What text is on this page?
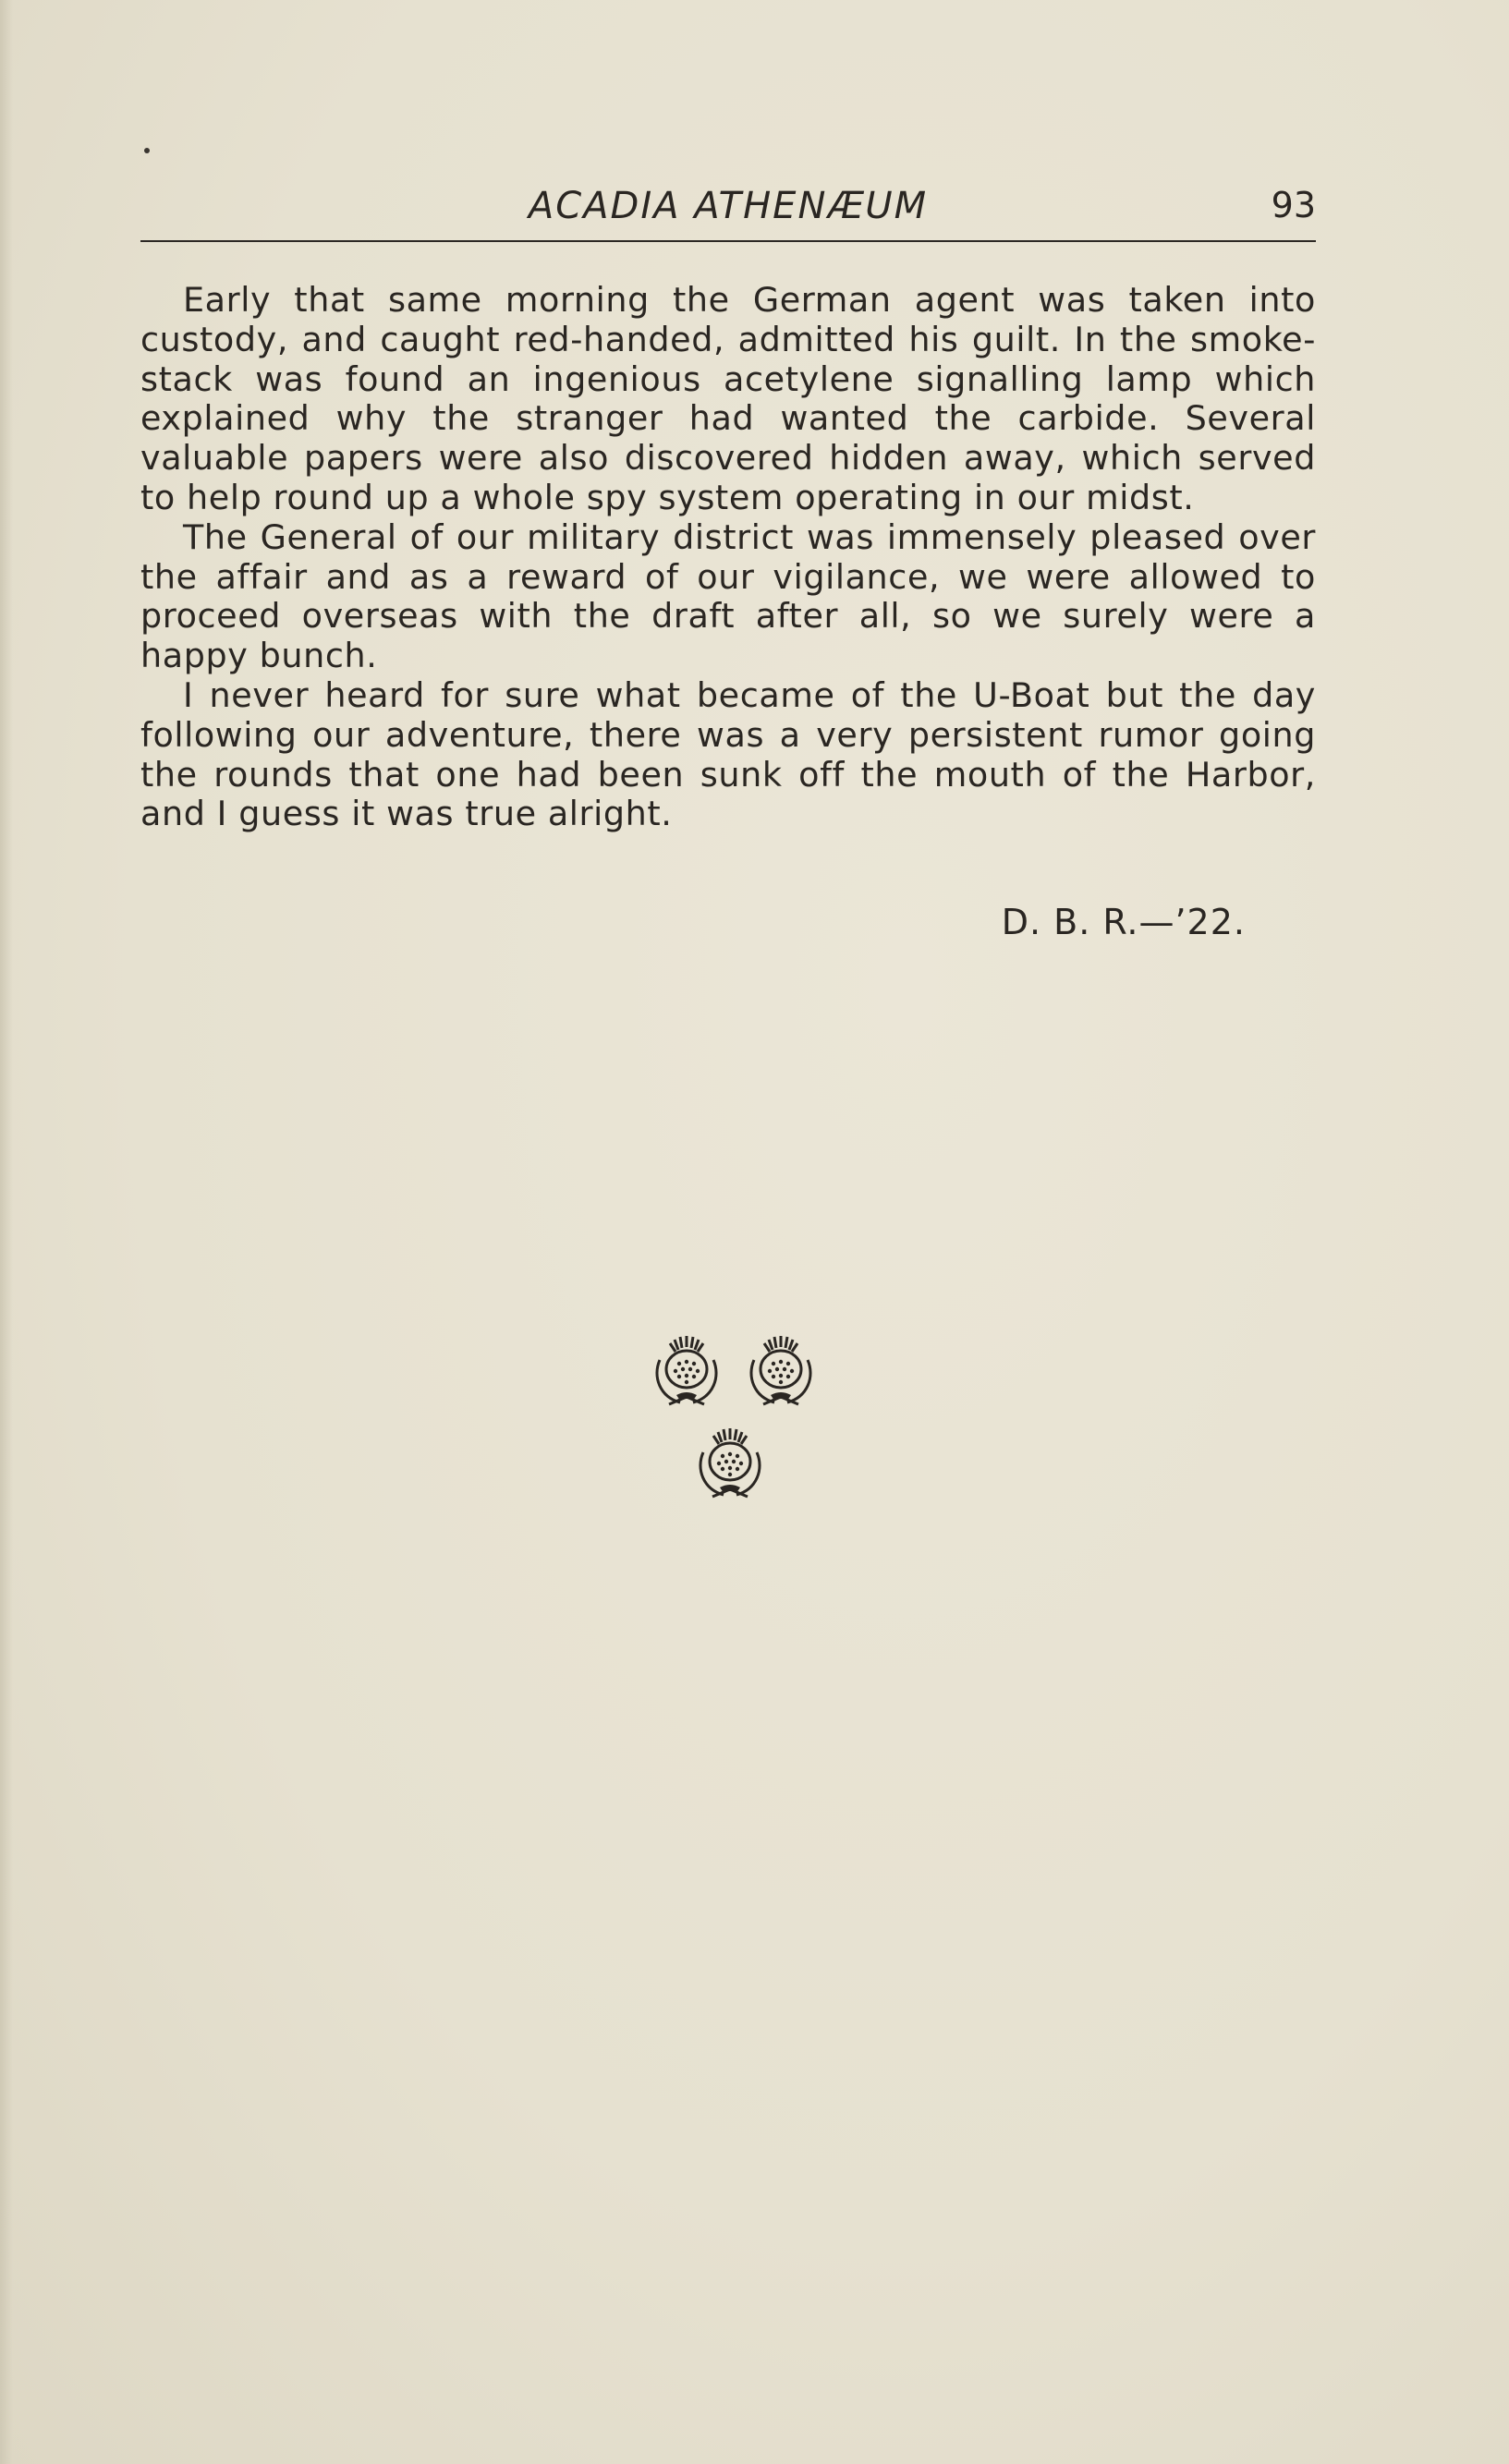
ACADIA ATHENÆUM	93

Early that same morning the German agent was taken into custody, and caught red-handed, admitted his guilt. In the smoke-stack was found an ingenious acetylene signalling lamp which explained why the stranger had wanted the carbide. Several valuable papers were also discovered hidden away, which served to help round up a whole spy system operating in our midst.

The General of our military district was immensely pleased over the affair and as a reward of our vigilance, we were allowed to proceed overseas with the draft after all, so we surely were a happy bunch.

I never heard for sure what became of the U-Boat but the day following our adventure, there was a very persistent rumor going the rounds that one had been sunk off the mouth of the Harbor, and I guess it was true alright.

D. B. R.—’22.
